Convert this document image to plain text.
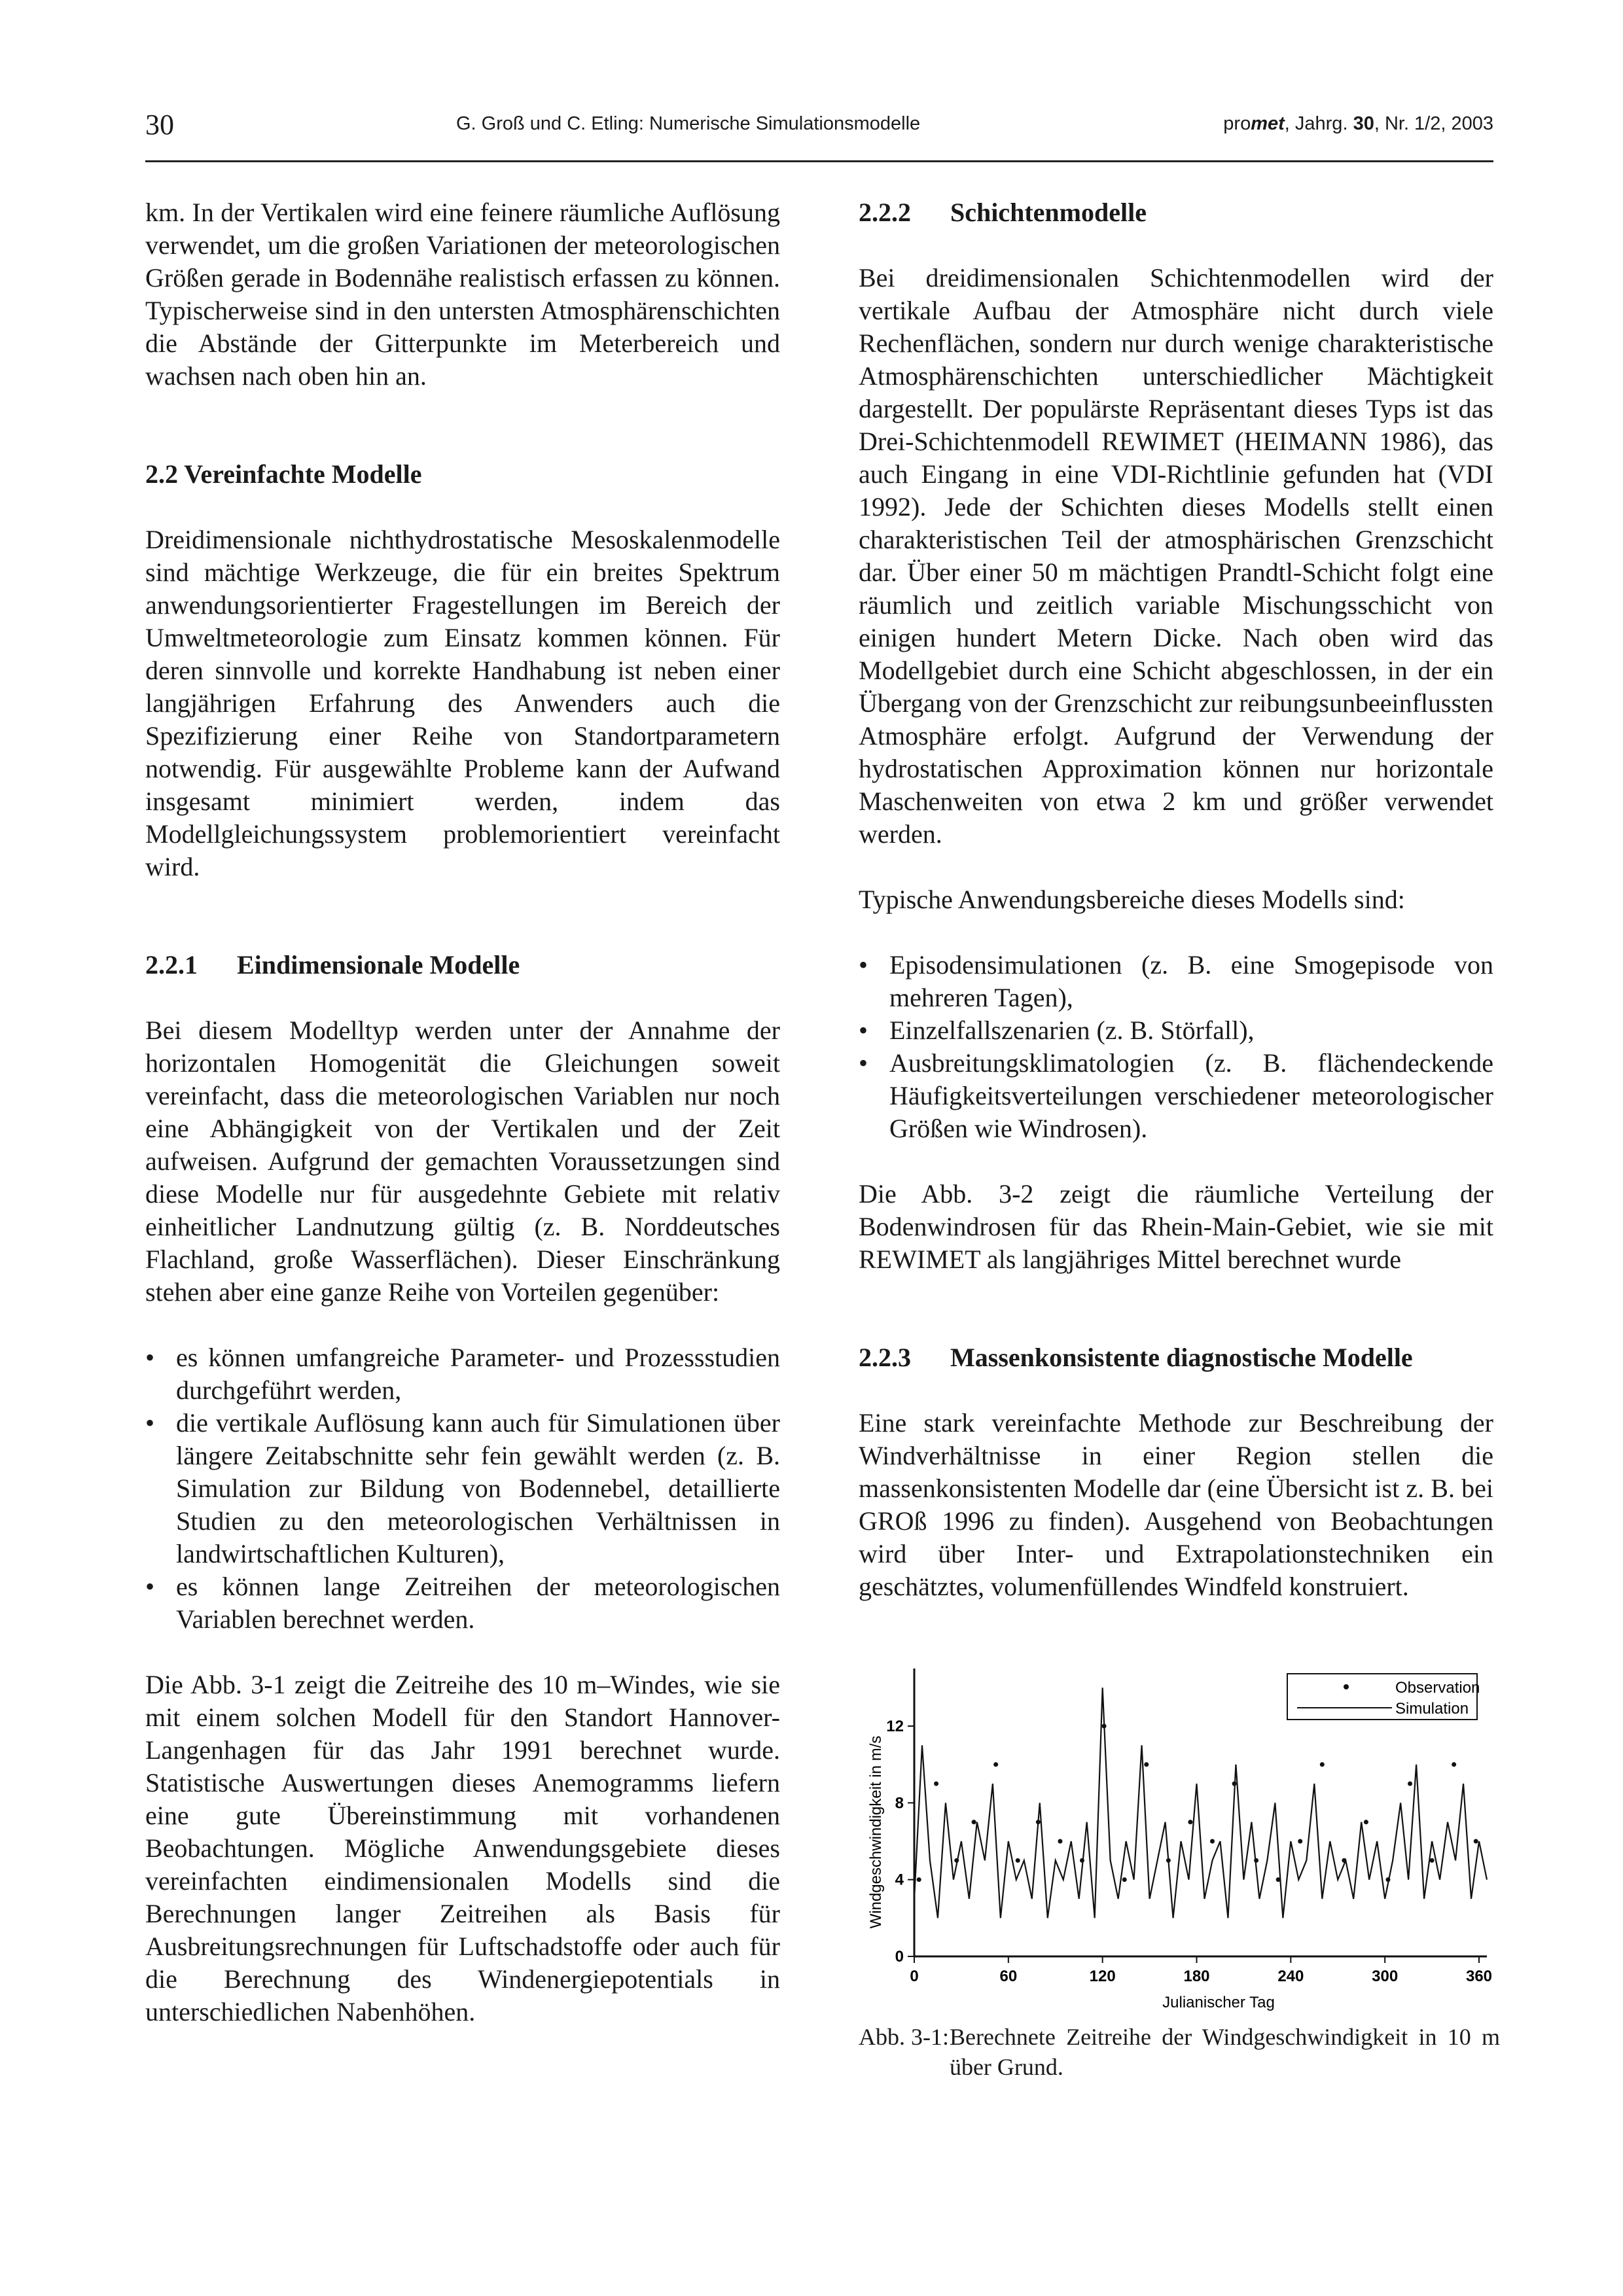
30	G. Groß und C. Etling: Numerische Simulationsmodelle	promet, Jahrg. 30, Nr. 1/2, 2003

km. In der Vertikalen wird eine feinere räumliche Auflösung verwendet, um die großen Variationen der meteorologischen Größen gerade in Bodennähe realistisch erfassen zu können. Typischerweise sind in den untersten Atmosphärenschichten die Abstände der Gitterpunkte im Meterbereich und wachsen nach oben hin an.

2.2 Vereinfachte Modelle

Dreidimensionale nichthydrostatische Mesoskalenmodelle sind mächtige Werkzeuge, die für ein breites Spektrum anwendungsorientierter Fragestellungen im Bereich der Umweltmeteorologie zum Einsatz kommen können. Für deren sinnvolle und korrekte Handhabung ist neben einer langjährigen Erfahrung des Anwenders auch die Spezifizierung einer Reihe von Standortparametern notwendig. Für ausgewählte Probleme kann der Aufwand insgesamt minimiert werden, indem das Modellgleichungssystem problemorientiert vereinfacht wird.

2.2.1 Eindimensionale Modelle

Bei diesem Modelltyp werden unter der Annahme der horizontalen Homogenität die Gleichungen soweit vereinfacht, dass die meteorologischen Variablen nur noch eine Abhängigkeit von der Vertikalen und der Zeit aufweisen. Aufgrund der gemachten Voraussetzungen sind diese Modelle nur für ausgedehnte Gebiete mit relativ einheitlicher Landnutzung gültig (z. B. Norddeutsches Flachland, große Wasserflächen). Dieser Einschränkung stehen aber eine ganze Reihe von Vorteilen gegenüber:

• es können umfangreiche Parameter- und Prozessstudien durchgeführt werden,
• die vertikale Auflösung kann auch für Simulationen über längere Zeitabschnitte sehr fein gewählt werden (z. B. Simulation zur Bildung von Bodennebel, detaillierte Studien zu den meteorologischen Verhältnissen in landwirtschaftlichen Kulturen),
• es können lange Zeitreihen der meteorologischen Variablen berechnet werden.

Die Abb. 3-1 zeigt die Zeitreihe des 10 m–Windes, wie sie mit einem solchen Modell für den Standort Hannover-Langenhagen für das Jahr 1991 berechnet wurde. Statistische Auswertungen dieses Anemogramms liefern eine gute Übereinstimmung mit vorhandenen Beobachtungen. Mögliche Anwendungsgebiete dieses vereinfachten eindimensionalen Modells sind die Berechnungen langer Zeitreihen als Basis für Ausbreitungsrechnungen für Luftschadstoffe oder auch für die Berechnung des Windenergiepotentials in unterschiedlichen Nabenhöhen.

2.2.2 Schichtenmodelle

Bei dreidimensionalen Schichtenmodellen wird der vertikale Aufbau der Atmosphäre nicht durch viele Rechenflächen, sondern nur durch wenige charakteristische Atmosphärenschichten unterschiedlicher Mächtigkeit dargestellt. Der populärste Repräsentant dieses Typs ist das Drei-Schichtenmodell REWIMET (HEIMANN 1986), das auch Eingang in eine VDI-Richtlinie gefunden hat (VDI 1992). Jede der Schichten dieses Modells stellt einen charakteristischen Teil der atmosphärischen Grenzschicht dar. Über einer 50 m mächtigen Prandtl-Schicht folgt eine räumlich und zeitlich variable Mischungsschicht von einigen hundert Metern Dicke. Nach oben wird das Modellgebiet durch eine Schicht abgeschlossen, in der ein Übergang von der Grenzschicht zur reibungsunbeeinflussten Atmosphäre erfolgt. Aufgrund der Verwendung der hydrostatischen Approximation können nur horizontale Maschenweiten von etwa 2 km und größer verwendet werden.

Typische Anwendungsbereiche dieses Modells sind:

• Episodensimulationen (z. B. eine Smogepisode von mehreren Tagen),
• Einzelfallszenarien (z. B. Störfall),
• Ausbreitungsklimatologien (z. B. flächendeckende Häufigkeitsverteilungen verschiedener meteorologischer Größen wie Windrosen).

Die Abb. 3-2 zeigt die räumliche Verteilung der Bodenwindrosen für das Rhein-Main-Gebiet, wie sie mit REWIMET als langjähriges Mittel berechnet wurde

2.2.3 Massenkonsistente diagnostische Modelle

Eine stark vereinfachte Methode zur Beschreibung der Windverhältnisse in einer Region stellen die massenkonsistenten Modelle dar (eine Übersicht ist z. B. bei GROß 1996 zu finden). Ausgehend von Beobachtungen wird über Inter- und Extrapolationstechniken ein geschätztes, volumenfüllendes Windfeld konstruiert.

0	60	120	180	240	300	360
0
4
8
12
Observation
Simulation
Julianischer Tag
Windgeschwindigkeit in m/s
Abb. 3-1: Berechnete Zeitreihe der Windgeschwindigkeit in 10 m über Grund.
